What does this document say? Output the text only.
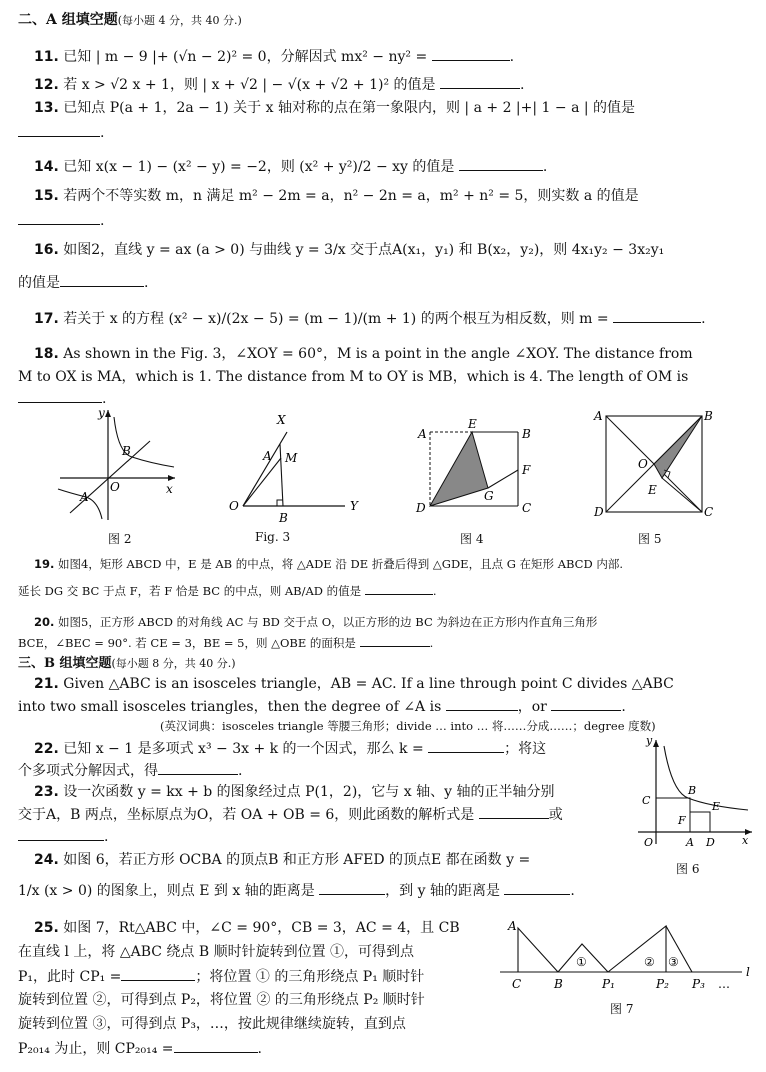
二、A 组填空题(每小题 4 分，共 40 分.)
11. 已知 | m − 9 |+ (√n − 2)² = 0，分解因式 mx² − ny² =	.
12. 若 x > √2 x + 1，则 | x + √2 | − √(x + √2 + 1)² 的值是	.
13. 已知点 P(a + 1，2a − 1) 关于 x 轴对称的点在第一象限内，则 | a + 2 |+| 1 − a | 的值是
.
14. 已知 x(x − 1) − (x² − y) = −2，则 (x² + y²)/2 − xy 的值是	.
15. 若两个不等实数 m，n 满足 m² − 2m = a，n² − 2n = a，m² + n² = 5，则实数 a 的值是
.
16. 如图2，直线 y = ax (a > 0) 与曲线 y = 3/x 交于点A(x₁，y₁) 和 B(x₂，y₂)，则 4x₁y₂ − 3x₂y₁
的值是	.
17. 若关于 x 的方程 (x² − x)/(2x − 5) = (m − 1)/(m + 1) 的两个根互为相反数，则 m =	.
18. As shown in the Fig. 3，∠XOY = 60°，M is a point in the angle ∠XOY. The distance from
M to OX is MA，which is 1. The distance from M to OY is MB，which is 4. The length of OM is
.
y
x
O
B
A
图 2
X
Y
O
A M
B
Fig. 3
A
E
B
F
G
D	C
图 4
A	B
O
E
D	C
图 5
19. 如图4，矩形 ABCD 中，E 是 AB 的中点，将 △ADE 沿 DE 折叠后得到 △GDE，且点 G 在矩形 ABCD 内部.
延长 DG 交 BC 于点 F，若 F 恰是 BC 的中点，则 AB/AD 的值是	.
20. 如图5，正方形 ABCD 的对角线 AC 与 BD 交于点 O，以正方形的边 BC 为斜边在正方形内作直角三角形
BCE，∠BEC = 90°. 若 CE = 3，BE = 5，则 △OBE 的面积是	.
三、B 组填空题(每小题 8 分，共 40 分.)
21. Given △ABC is an isosceles triangle，AB = AC. If a line through point C divides △ABC
into two small isosceles triangles，then the degree of ∠A is	，or	.
(英汉词典：isosceles triangle 等腰三角形；divide … into … 将……分成……；degree 度数)
22. 已知 x − 1 是多项式 x³ − 3x + k 的一个因式，那么 k =	；将这
个多项式分解因式，得	.
23. 设一次函数 y = kx + b 的图象经过点 P(1，2)，它与 x 轴、y 轴的正半轴分别
交于A，B 两点，坐标原点为O，若 OA + OB = 6，则此函数的解析式是	或
.
24. 如图 6，若正方形 OCBA 的顶点B 和正方形 AFED 的顶点E 都在函数 y =
1/x (x > 0) 的图象上，则点 E 到 x 轴的距离是	，到 y 轴的距离是	.
y
x
C
B
E
F
O	A D
图 6
25. 如图 7，Rt△ABC 中，∠C = 90°，CB = 3，AC = 4，且 CB
在直线 l 上，将 △ABC 绕点 B 顺时针旋转到位置 ①，可得到点
P₁，此时 CP₁ =	；将位置 ① 的三角形绕点 P₁ 顺时针
旋转到位置 ②，可得到点 P₂，将位置 ② 的三角形绕点 P₂ 顺时针
旋转到位置 ③，可得到点 P₃，…，按此规律继续旋转，直到点
P₂₀₁₄ 为止，则 CP₂₀₁₄ =	.
A
C	B	P₁	P₂ P₃ …
l
①	② ③
图 7
